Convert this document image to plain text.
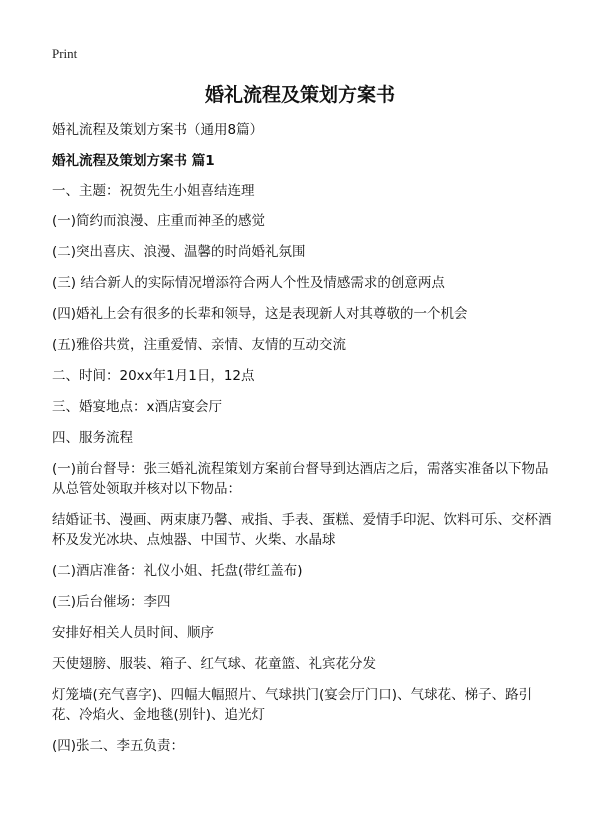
Print
婚礼流程及策划方案书
婚礼流程及策划方案书（通用8篇）
婚礼流程及策划方案书 篇1
一、主题：祝贺先生小姐喜结连理
(一)简约而浪漫、庄重而神圣的感觉
(二)突出喜庆、浪漫、温馨的时尚婚礼氛围
(三) 结合新人的实际情况增添符合两人个性及情感需求的创意两点
(四)婚礼上会有很多的长辈和领导，这是表现新人对其尊敬的一个机会
(五)雅俗共赏，注重爱情、亲情、友情的互动交流
二、时间：20xx年1月1日，12点
三、婚宴地点：x酒店宴会厅
四、服务流程
(一)前台督导：张三婚礼流程策划方案前台督导到达酒店之后，需落实准备以下物品 从总管处领取并核对以下物品：
结婚证书、漫画、两束康乃馨、戒指、手表、蛋糕、爱情手印泥、饮料可乐、交杯酒杯及发光冰块、点烛器、中国节、火柴、水晶球
(二)酒店准备：礼仪小姐、托盘(带红盖布)
(三)后台催场：李四
安排好相关人员时间、顺序
天使翅膀、服装、箱子、红气球、花童篮、礼宾花分发
灯笼墙(充气喜字)、四幅大幅照片、气球拱门(宴会厅门口)、气球花、梯子、路引花、冷焰火、金地毯(别针)、追光灯
(四)张二、李五负责：
